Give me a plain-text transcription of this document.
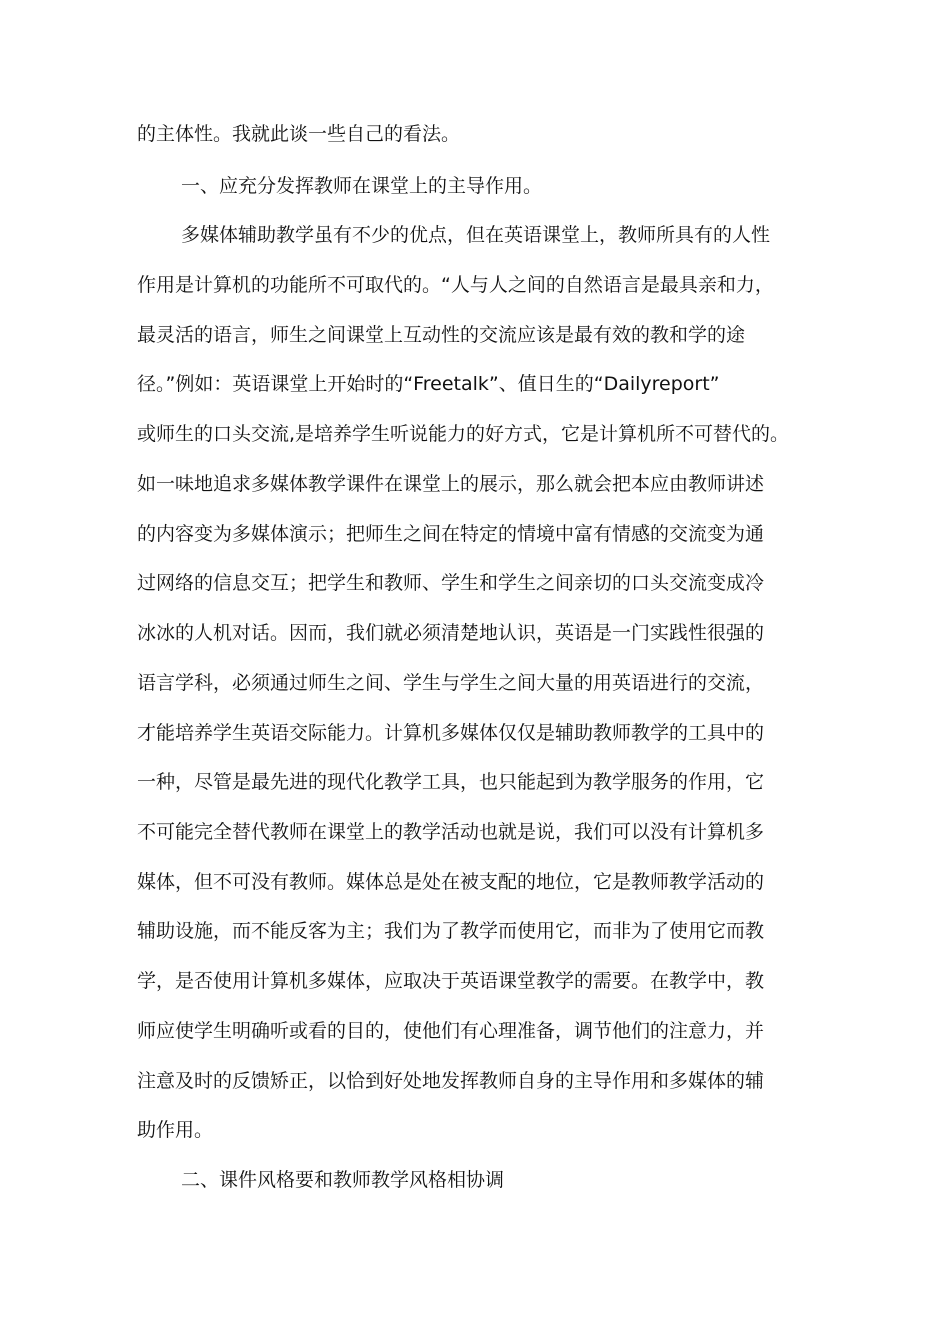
的主体性。我就此谈一些自己的看法。
一、应充分发挥教师在课堂上的主导作用。
多媒体辅助教学虽有不少的优点，但在英语课堂上，教师所具有的人性
作用是计算机的功能所不可取代的。“人与人之间的自然语言是最具亲和力，
最灵活的语言，师生之间课堂上互动性的交流应该是最有效的教和学的途
径。”例如：英语课堂上开始时的“Freetalk”、值日生的“Dailyreport”
或师生的口头交流,是培养学生听说能力的好方式，它是计算机所不可替代的。
如一味地追求多媒体教学课件在课堂上的展示，那么就会把本应由教师讲述
的内容变为多媒体演示；把师生之间在特定的情境中富有情感的交流变为通
过网络的信息交互；把学生和教师、学生和学生之间亲切的口头交流变成冷
冰冰的人机对话。因而，我们就必须清楚地认识，英语是一门实践性很强的
语言学科，必须通过师生之间、学生与学生之间大量的用英语进行的交流，
才能培养学生英语交际能力。计算机多媒体仅仅是辅助教师教学的工具中的
一种，尽管是最先进的现代化教学工具，也只能起到为教学服务的作用，它
不可能完全替代教师在课堂上的教学活动也就是说，我们可以没有计算机多
媒体，但不可没有教师。媒体总是处在被支配的地位，它是教师教学活动的
辅助设施，而不能反客为主；我们为了教学而使用它，而非为了使用它而教
学，是否使用计算机多媒体，应取决于英语课堂教学的需要。在教学中，教
师应使学生明确听或看的目的，使他们有心理准备，调节他们的注意力，并
注意及时的反馈矫正，以恰到好处地发挥教师自身的主导作用和多媒体的辅
助作用。
二、课件风格要和教师教学风格相协调
